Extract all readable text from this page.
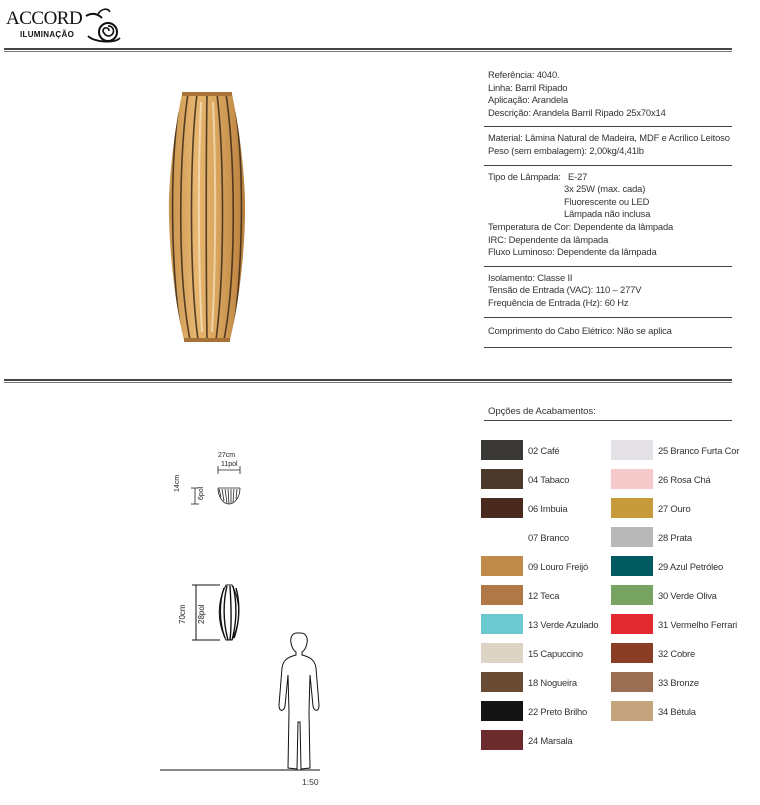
ACCORD
ILUMINAÇÃO
Referência: 4040.
Linha: Barril Ripado
Aplicação: Arandela
Descrição: Arandela Barril Ripado 25x70x14
Material: Lâmina Natural de Madeira, MDF e Acrílico Leitoso
Peso (sem embalagem): 2,00kg/4,41lb
Tipo de Lâmpada: E-27
3x 25W (max. cada)
Fluorescente ou LED
Lâmpada não inclusa
Temperatura de Cor: Dependente da lâmpada
IRC: Dependente da lâmpada
Fluxo Luminoso: Dependente da lâmpada
Isolamento: Classe II
Tensão de Entrada (VAC): 110 – 277V
Frequência de Entrada (Hz): 60 Hz
Comprimento do Cabo Elétrico: Não se aplica
Opções de Acabamentos:
02 Café
04 Tabaco
06 Imbuia
07 Branco
09 Louro Freijó
12 Teca
13 Verde Azulado
15 Capuccino
18 Nogueira
22 Preto Brilho
24 Marsala
25 Branco Furta Cor
26 Rosa Chá
27 Ouro
28 Prata
29 Azul Petróleo
30 Verde Oliva
31 Vermelho Ferrari
32 Cobre
33 Bronze
34 Bétula
27cm
11pol
14cm
6pol
70cm 28pol
1:50
